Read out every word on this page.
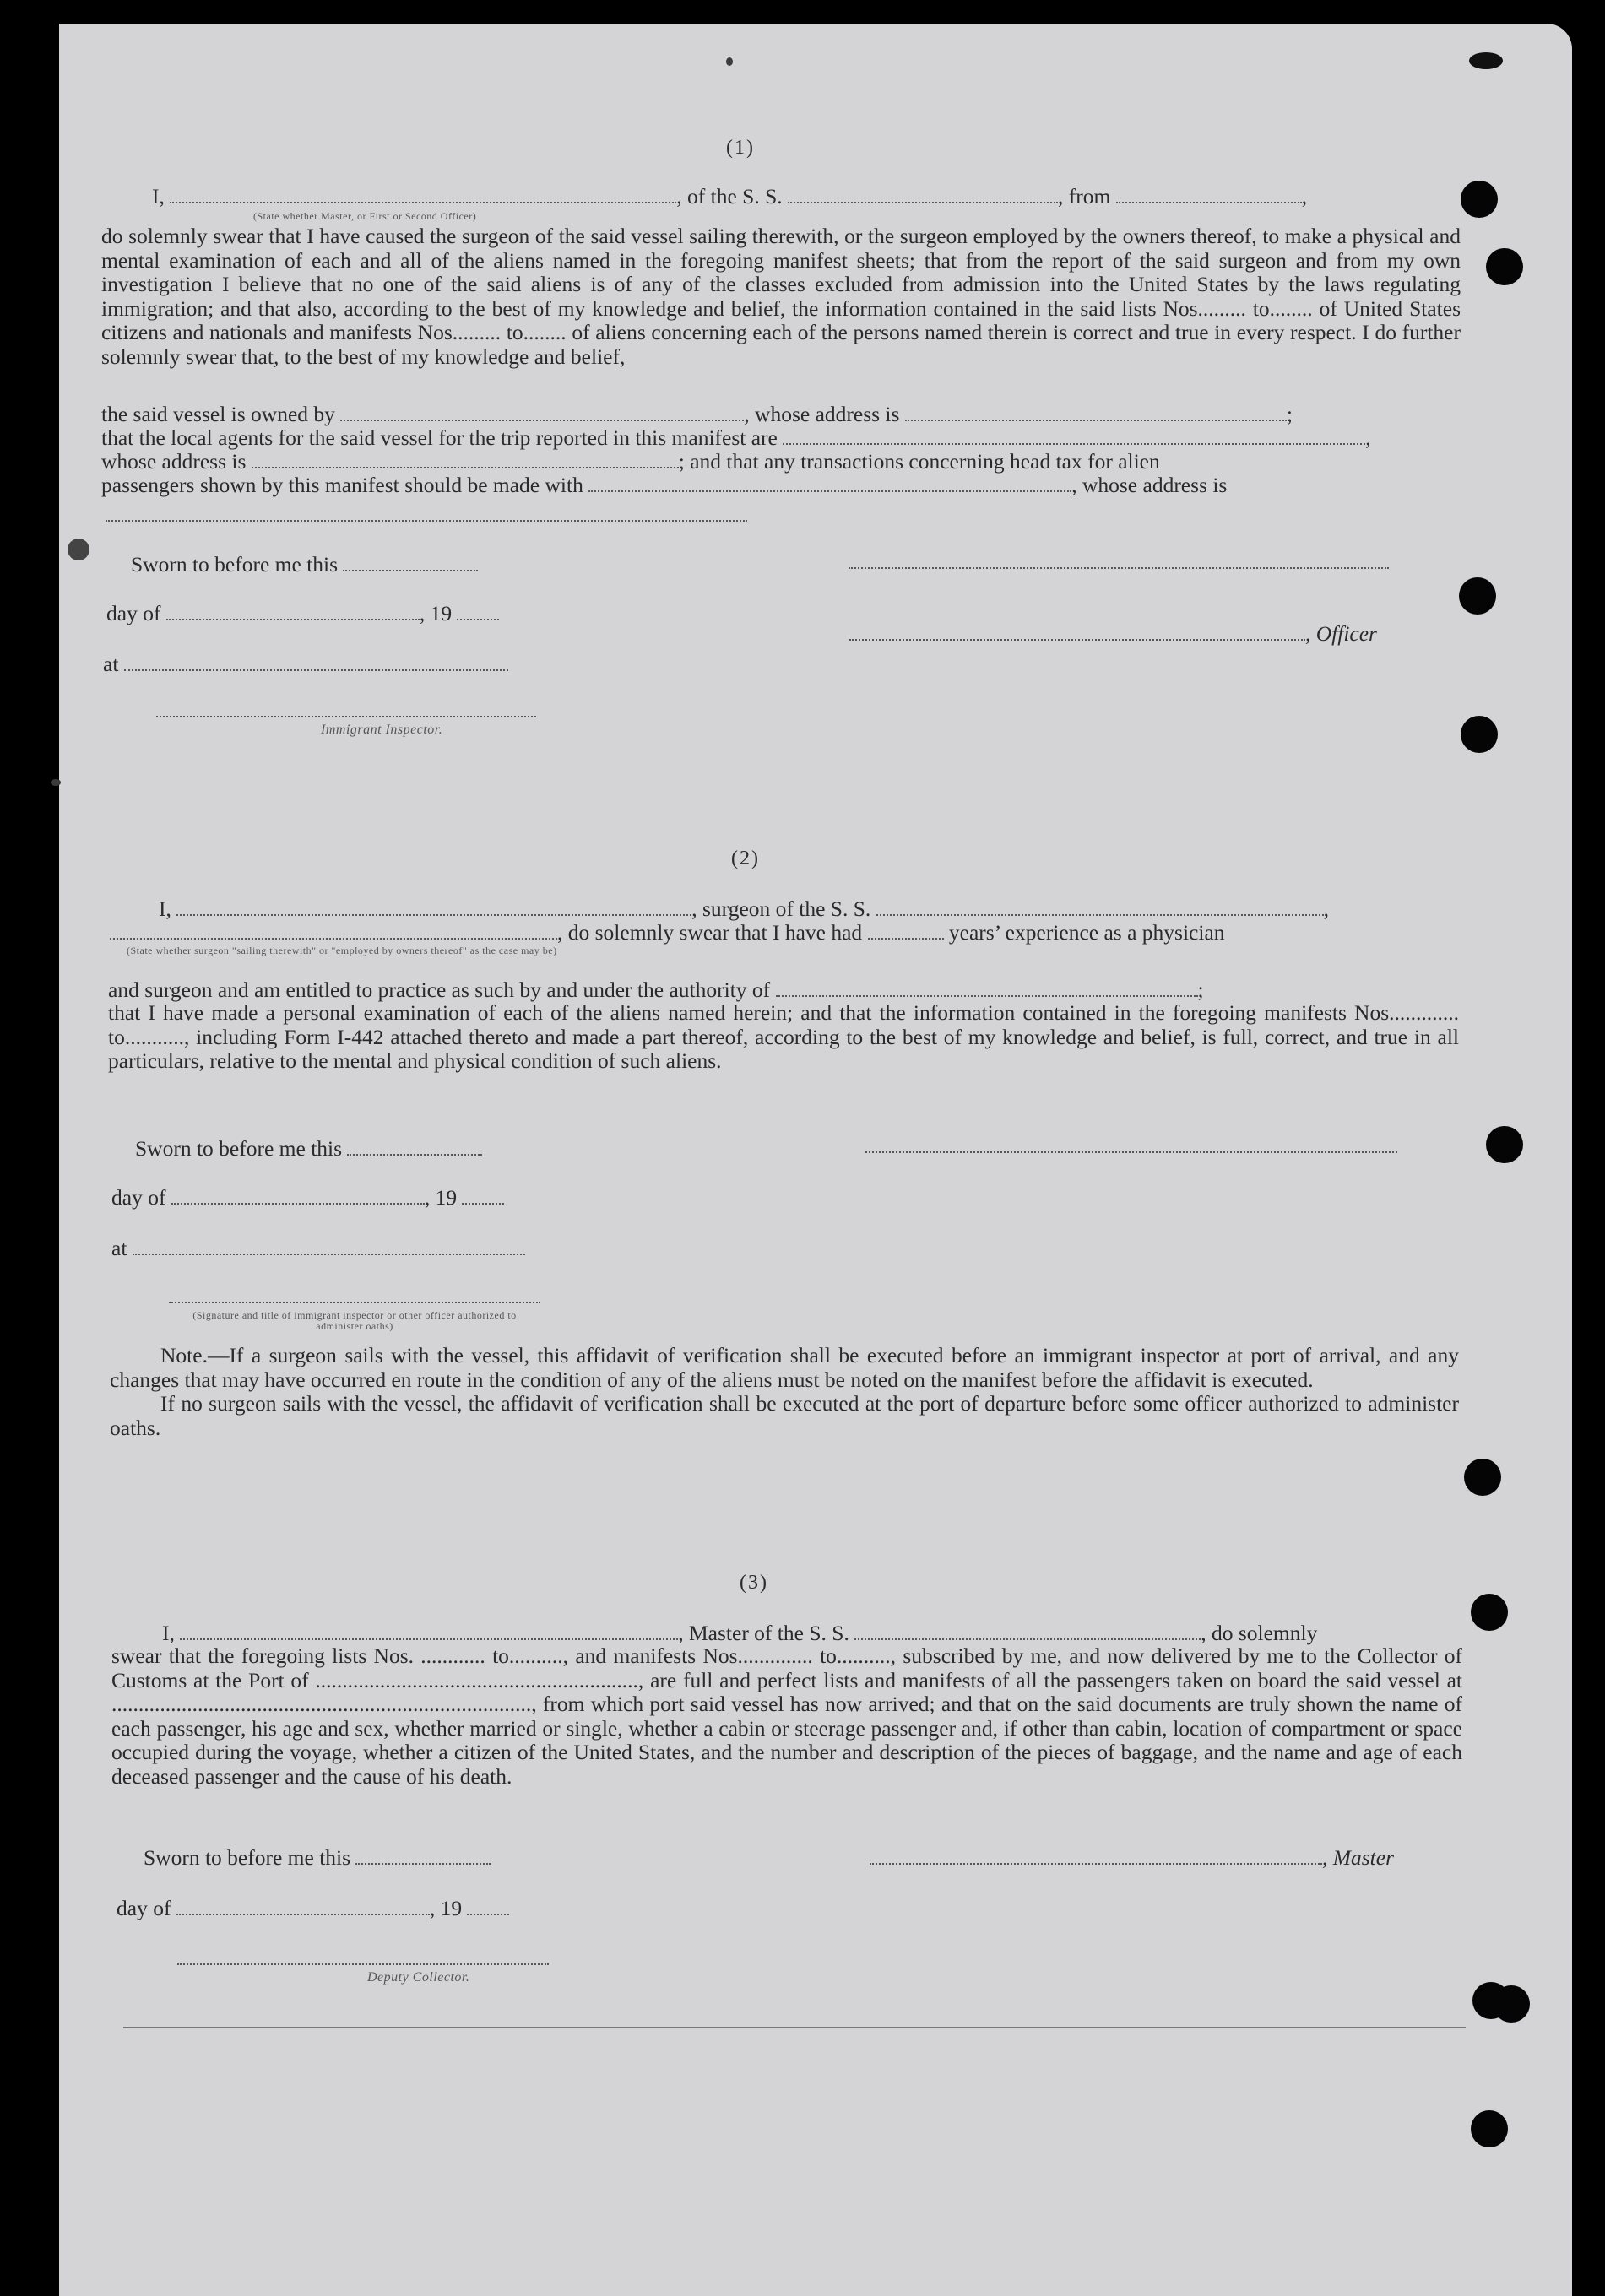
(1)
I,	, of the S. S.	, from	,
(State whether Master, or First or Second Officer)

do solemnly swear that I have caused the surgeon of the said vessel sailing therewith, or the surgeon employed by the owners thereof, to make a physical and mental examination of each and all of the aliens named in the foregoing manifest sheets; that from the report of the said surgeon and from my own investigation I believe that no one of the said aliens is of any of the classes excluded from admission into the United States by the laws regulating immigration; and that also, according to the best of my knowledge and belief, the information contained in the said lists Nos......... to........ of United States citizens and nationals and manifests Nos......... to........ of aliens concerning each of the persons named therein is correct and true in every respect. I do further solemnly swear that, to the best of my knowledge and belief,

the said vessel is owned by	, whose address is	;
that the local agents for the said vessel for the trip reported in this manifest are	,
whose address is	; and that any transactions concerning head tax for alien
passengers shown by this manifest should be made with	, whose address is
Sworn to before me this
day of	, 19
, Officer
at
Immigrant Inspector.
(2)
I,	, surgeon of the S. S.	,
, do solemnly swear that I have had	years’ experience as a physician
(State whether surgeon "sailing therewith" or "employed by owners thereof" as the case may be)
and surgeon and am entitled to practice as such by and under the authority of	;

that I have made a personal examination of each of the aliens named herein; and that the information contained in the foregoing manifests Nos............. to..........., including Form I-442 attached thereto and made a part thereof, according to the best of my knowledge and belief, is full, correct, and true in all particulars, relative to the mental and physical condition of such aliens.

Sworn to before me this
day of	, 19
at
(Signature and title of immigrant inspector or other officer authorized to administer oaths)

Note.—If a surgeon sails with the vessel, this affidavit of verification shall be executed before an immigrant inspector at port of arrival, and any changes that may have occurred en route in the condition of any of the aliens must be noted on the manifest before the affidavit is executed.

If no surgeon sails with the vessel, the affidavit of verification shall be executed at the port of departure before some officer authorized to administer oaths.

(3)
I,	, Master of the S. S.	, do solemnly

swear that the foregoing lists Nos. ............ to.........., and manifests Nos.............. to.........., subscribed by me, and now delivered by me to the Collector of Customs at the Port of ............................................................, are full and perfect lists and manifests of all the passengers taken on board the said vessel at .............................................................................., from which port said vessel has now arrived; and that on the said documents are truly shown the name of each passenger, his age and sex, whether married or single, whether a cabin or steerage passenger and, if other than cabin, location of compartment or space occupied during the voyage, whether a citizen of the United States, and the number and description of the pieces of baggage, and the name and age of each deceased passenger and the cause of his death.

Sworn to before me this	, Master
day of	, 19
Deputy Collector.
